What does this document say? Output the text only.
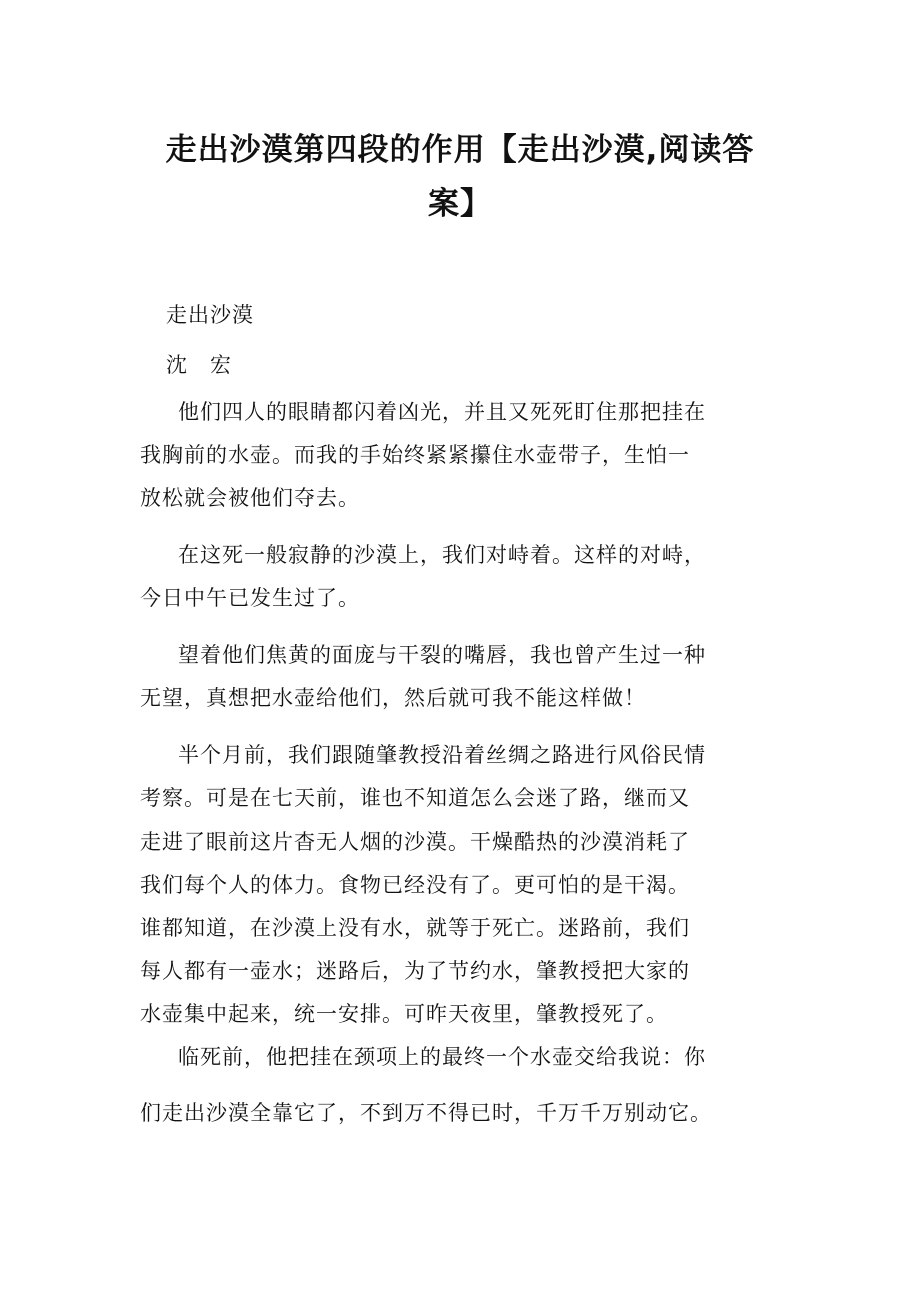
走出沙漠第四段的作用【走出沙漠,阅读答
案】
走出沙漠
沈　宏
他们四人的眼睛都闪着凶光，并且又死死盯住那把挂在
我胸前的水壶。而我的手始终紧紧攥住水壶带子，生怕一
放松就会被他们夺去。
在这死一般寂静的沙漠上，我们对峙着。这样的对峙，
今日中午已发生过了。
望着他们焦黄的面庞与干裂的嘴唇，我也曾产生过一种
无望，真想把水壶给他们，然后就可我不能这样做！
半个月前，我们跟随肇教授沿着丝绸之路进行风俗民情
考察。可是在七天前，谁也不知道怎么会迷了路，继而又
走进了眼前这片杳无人烟的沙漠。干燥酷热的沙漠消耗了
我们每个人的体力。食物已经没有了。更可怕的是干渴。
谁都知道，在沙漠上没有水，就等于死亡。迷路前，我们
每人都有一壶水；迷路后，为了节约水，肇教授把大家的
水壶集中起来，统一安排。可昨天夜里，肇教授死了。
临死前，他把挂在颈项上的最终一个水壶交给我说：你
们走出沙漠全靠它了，不到万不得已时，千万千万别动它。
